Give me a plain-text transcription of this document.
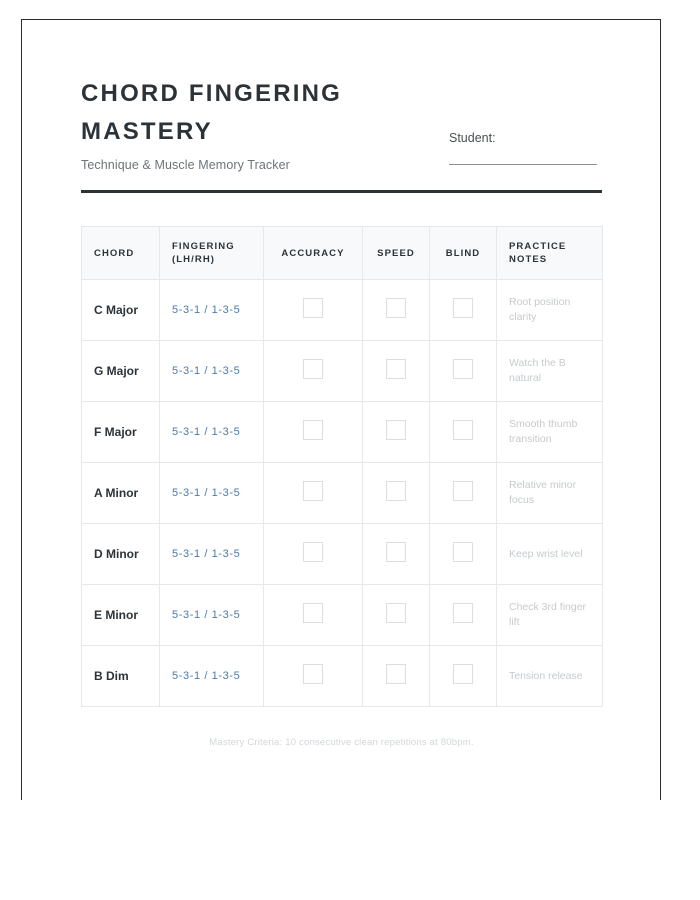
CHORD FINGERING MASTERY
Technique & Muscle Memory Tracker
Student:
CHORD	FINGERING (LH/RH)	ACCURACY	SPEED	BLIND	PRACTICE NOTES
C Major	5-3-1 / 1-3-5				Root position clarity
G Major	5-3-1 / 1-3-5				Watch the B natural
F Major	5-3-1 / 1-3-5				Smooth thumb transition
A Minor	5-3-1 / 1-3-5				Relative minor focus
D Minor	5-3-1 / 1-3-5				Keep wrist level
E Minor	5-3-1 / 1-3-5				Check 3rd finger lift
B Dim	5-3-1 / 1-3-5				Tension release
Mastery Criteria: 10 consecutive clean repetitions at 80bpm.
